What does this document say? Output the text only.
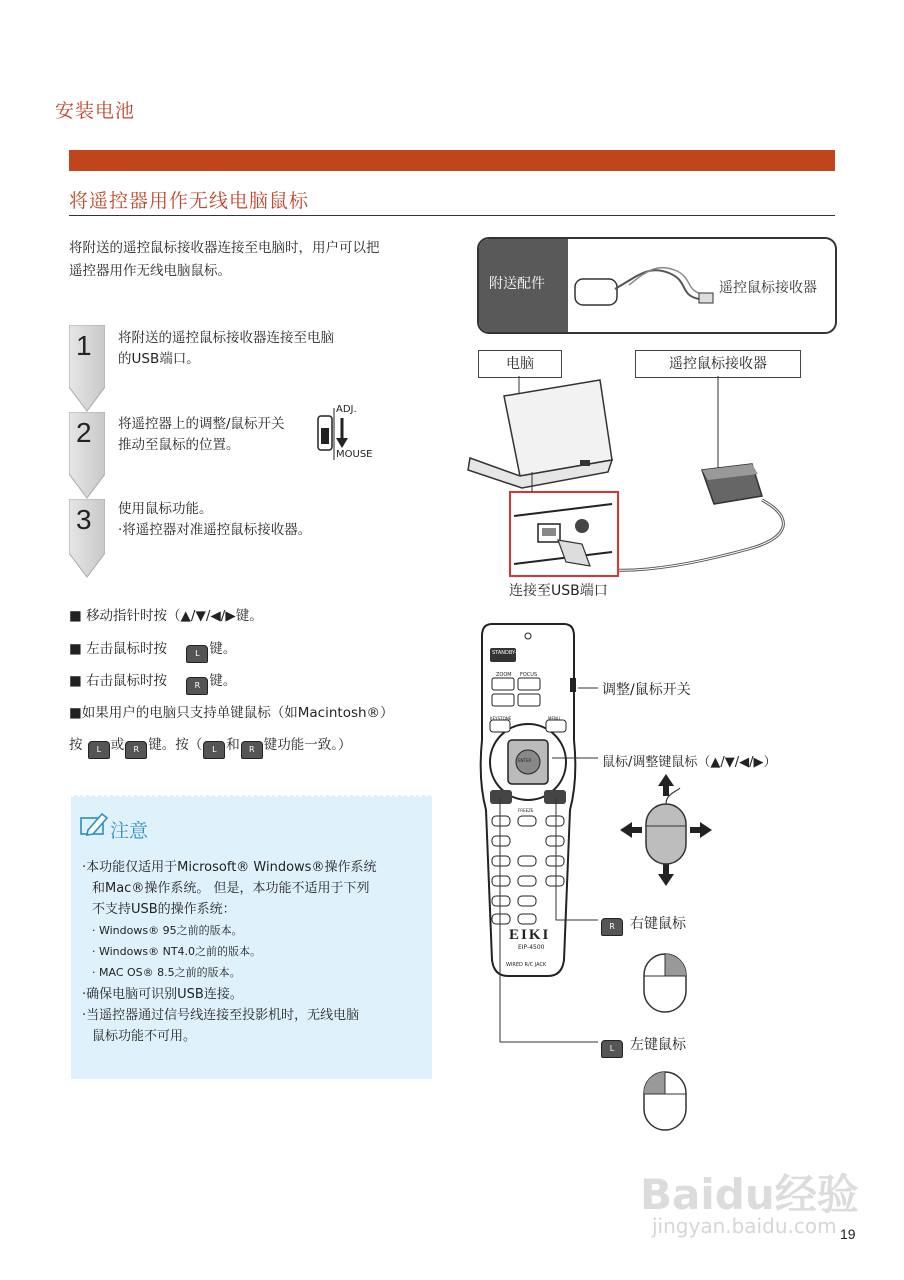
安装电池
将遥控器用作无线电脑鼠标
将附送的遥控鼠标接收器连接至电脑时，用户可以把
遥控器用作无线电脑鼠标。
1 将附送的遥控鼠标接收器连接至电脑
的USB端口。
2 将遥控器上的调整/鼠标开关
推动至鼠标的位置。
ADJ.
MOUSE
3 使用鼠标功能。
·将遥控器对准遥控鼠标接收器。
■ 移动指针时按（▲/▼/◀/▶键。
■ 左击鼠标时按	L 键。
■ 右击鼠标时按	R 键。
■如果用户的电脑只支持单键鼠标（如Macintosh®）
按 L 或 R 键。按（ L 和 R 键功能一致。）
注意
·本功能仅适用于Microsoft® Windows®操作系统
和Mac®操作系统。 但是，本功能不适用于下列
不支持USB的操作系统：
· Windows® 95之前的版本。
· Windows® NT4.0之前的版本。
· MAC OS® 8.5之前的版本。
·确保电脑可识别USB连接。
·当遥控器通过信号线连接至投影机时，无线电脑
鼠标功能不可用。
附送配件	遥控鼠标接收器
电脑	遥控鼠标接收器
连接至USB端口
EIKI
EIP-4500
STANDBY-ON
ZOOM FOCUS
KEYSTONE	MENU
ENTER
FREEZE
WIRED R/C JACK
调整/鼠标开关
鼠标/调整键鼠标（▲/▼/◀/▶）
R	右键鼠标
L	左键鼠标
Baidu经验
jingyan.baidu.com 19
